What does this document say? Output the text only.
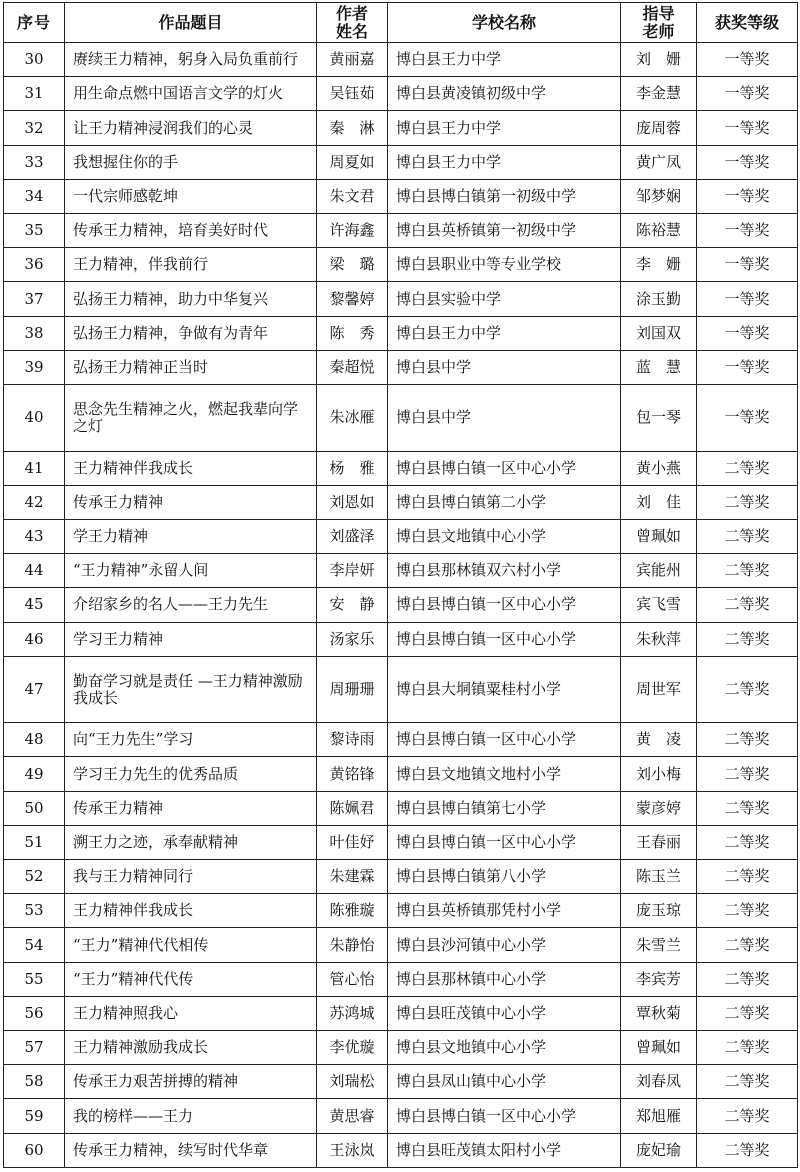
序号	作品题目	作者姓名	学校名称	指导老师	获奖等级
30	赓续王力精神，躬身入局负重前行	黄丽嘉	博白县王力中学	刘　姗	一等奖
31	用生命点燃中国语言文学的灯火	吴钰茹	博白县黄凌镇初级中学	李金慧	一等奖
32	让王力精神浸润我们的心灵	秦　淋	博白县王力中学	庞周蓉	一等奖
33	我想握住你的手	周夏如	博白县王力中学	黄广凤	一等奖
34	一代宗师感乾坤	朱文君	博白县博白镇第一初级中学	邹梦娴	一等奖
35	传承王力精神，培育美好时代	许海鑫	博白县英桥镇第一初级中学	陈裕慧	一等奖
36	王力精神，伴我前行	梁　璐	博白县职业中等专业学校	李　姗	一等奖
37	弘扬王力精神，助力中华复兴	黎馨婷	博白县实验中学	涂玉勤	一等奖
38	弘扬王力精神，争做有为青年	陈　秀	博白县王力中学	刘国双	一等奖
39	弘扬王力精神正当时	秦超悦	博白县中学	蓝　慧	一等奖
40	思念先生精神之火，燃起我辈向学之灯	朱冰雁	博白县中学	包一琴	一等奖
41	王力精神伴我成长	杨　雅	博白县博白镇一区中心小学	黄小燕	二等奖
42	传承王力精神	刘恩如	博白县博白镇第二小学	刘　佳	二等奖
43	学王力精神	刘盛泽	博白县文地镇中心小学	曾珮如	二等奖
44	“王力精神”永留人间	李岸妍	博白县那林镇双六村小学	宾能州	二等奖
45	介绍家乡的名人——王力先生	安　静	博白县博白镇一区中心小学	宾飞雪	二等奖
46	学习王力精神	汤家乐	博白县博白镇一区中心小学	朱秋萍	二等奖
47	勤奋学习就是责任 —王力精神激励我成长	周珊珊	博白县大垌镇粟桂村小学	周世军	二等奖
48	向“王力先生”学习	黎诗雨	博白县博白镇一区中心小学	黄　凌	二等奖
49	学习王力先生的优秀品质	黄铭锋	博白县文地镇文地村小学	刘小梅	二等奖
50	传承王力精神	陈姵君	博白县博白镇第七小学	蒙彦婷	二等奖
51	溯王力之迹，承奉献精神	叶佳妤	博白县博白镇一区中心小学	王春丽	二等奖
52	我与王力精神同行	朱建霖	博白县博白镇第八小学	陈玉兰	二等奖
53	王力精神伴我成长	陈雅璇	博白县英桥镇那凭村小学	庞玉琼	二等奖
54	“王力”精神代代相传	朱静怡	博白县沙河镇中心小学	朱雪兰	二等奖
55	“王力”精神代代传	管心怡	博白县那林镇中心小学	李宾芳	二等奖
56	王力精神照我心	苏鸿城	博白县旺茂镇中心小学	覃秋菊	二等奖
57	王力精神激励我成长	李优璇	博白县文地镇中心小学	曾珮如	二等奖
58	传承王力艰苦拼搏的精神	刘瑞松	博白县凤山镇中心小学	刘春凤	二等奖
59	我的榜样——王力	黄思睿	博白县博白镇一区中心小学	郑旭雁	二等奖
60	传承王力精神，续写时代华章	王泳岚	博白县旺茂镇太阳村小学	庞妃瑜	二等奖
